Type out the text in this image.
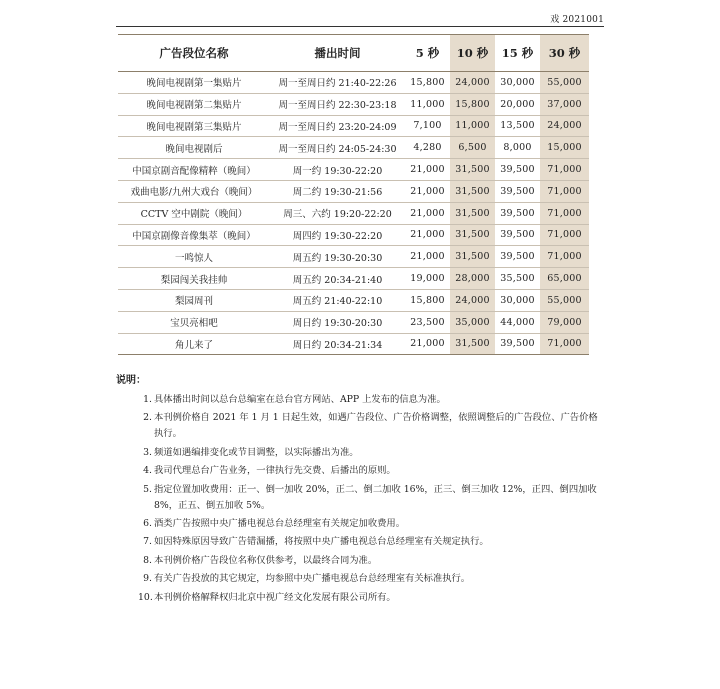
戏 2021001
广告段位名称	播出时间	5 秒	10 秒	15 秒	30 秒
晚间电视剧第一集贴片	周一至周日约 21:40-22:26	15,800	24,000	30,000	55,000
晚间电视剧第二集贴片	周一至周日约 22:30-23:18	11,000	15,800	20,000	37,000
晚间电视剧第三集贴片	周一至周日约 23:20-24:09	7,100	11,000	13,500	24,000
晚间电视剧后	周一至周日约 24:05-24:30	4,280	6,500	8,000	15,000
中国京剧音配像精粹（晚间）	周一约 19:30-22:20	21,000	31,500	39,500	71,000
戏曲电影/九州大戏台（晚间）	周二约 19:30-21:56	21,000	31,500	39,500	71,000
CCTV 空中剧院（晚间）	周三、六约 19:20-22:20	21,000	31,500	39,500	71,000
中国京剧像音像集萃（晚间）	周四约 19:30-22:20	21,000	31,500	39,500	71,000
一鸣惊人	周五约 19:30-20:30	21,000	31,500	39,500	71,000
梨园闯关我挂帅	周五约 20:34-21:40	19,000	28,000	35,500	65,000
梨园周刊	周五约 21:40-22:10	15,800	24,000	30,000	55,000
宝贝亮相吧	周日约 19:30-20:30	23,500	35,000	44,000	79,000
角儿来了	周日约 20:34-21:34	21,000	31,500	39,500	71,000
说明：
1. 具体播出时间以总台总编室在总台官方网站、APP 上发布的信息为准。
2. 本刊例价格自 2021 年 1 月 1 日起生效，如遇广告段位、广告价格调整，依照调整后的广告段位、广告价格执行。
3. 频道如遇编排变化或节目调整，以实际播出为准。
4. 我司代理总台广告业务，一律执行先交费、后播出的原则。
5. 指定位置加收费用：正一、倒一加收 20%，正二、倒二加收 16%，正三、倒三加收 12%，正四、倒四加收 8%，正五、倒五加收 5%。
6. 酒类广告按照中央广播电视总台总经理室有关规定加收费用。
7. 如因特殊原因导致广告错漏播，将按照中央广播电视总台总经理室有关规定执行。
8. 本刊例价格广告段位名称仅供参考，以最终合同为准。
9. 有关广告投放的其它规定，均参照中央广播电视总台总经理室有关标准执行。
10. 本刊例价格解释权归北京中视广经文化发展有限公司所有。
